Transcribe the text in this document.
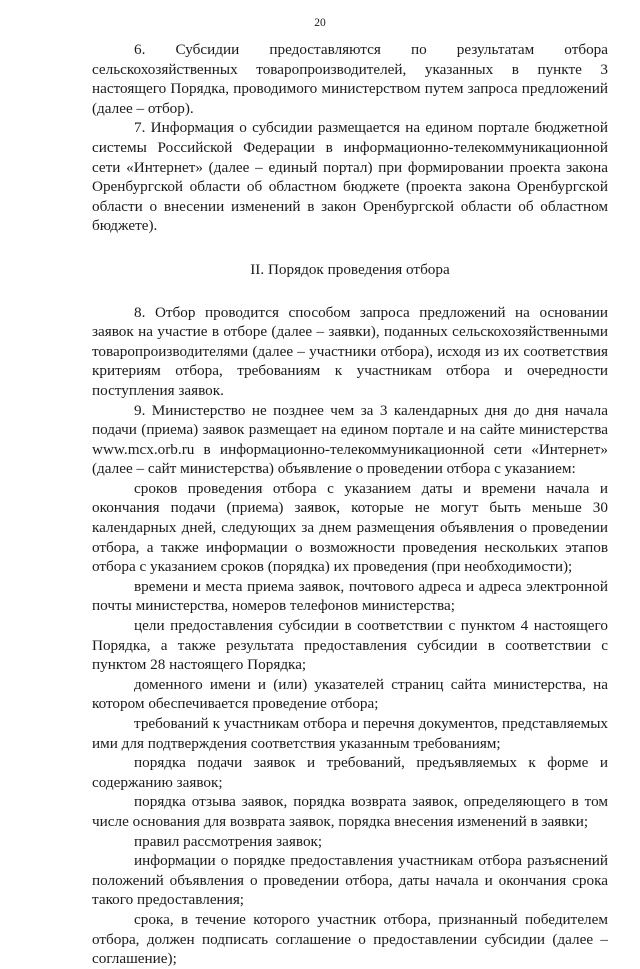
20

6. Субсидии предоставляются по результатам отбора сельскохозяйственных товаропроизводителей, указанных в пункте 3 настоящего Порядка, проводимого министерством путем запроса предложений (далее – отбор).

7. Информация о субсидии размещается на едином портале бюджетной системы Российской Федерации в информационно-телекоммуникационной сети «Интернет» (далее – единый портал) при формировании проекта закона Оренбургской области об областном бюджете (проекта закона Оренбургской области о внесении изменений в закон Оренбургской области об областном бюджете).

II. Порядок проведения отбора

8. Отбор проводится способом запроса предложений на основании заявок на участие в отборе (далее – заявки), поданных сельскохозяйственными товаропроизводителями (далее – участники отбора), исходя из их соответствия критериям отбора, требованиям к участникам отбора и очередности поступления заявок.

9. Министерство не позднее чем за 3 календарных дня до дня начала подачи (приема) заявок размещает на едином портале и на сайте министерства www.mcx.orb.ru в информационно-телекоммуникационной сети «Интернет» (далее – сайт министерства) объявление о проведении отбора с указанием:

сроков проведения отбора с указанием даты и времени начала и окончания подачи (приема) заявок, которые не могут быть меньше 30 календарных дней, следующих за днем размещения объявления о проведении отбора, а также информации о возможности проведения нескольких этапов отбора с указанием сроков (порядка) их проведения (при необходимости);

времени и места приема заявок, почтового адреса и адреса электронной почты министерства, номеров телефонов министерства;

цели предоставления субсидии в соответствии с пунктом 4 настоящего Порядка, а также результата предоставления субсидии в соответствии с пунктом 28 настоящего Порядка;

доменного имени и (или) указателей страниц сайта министерства, на котором обеспечивается проведение отбора;

требований к участникам отбора и перечня документов, представляемых ими для подтверждения соответствия указанным требованиям;

порядка подачи заявок и требований, предъявляемых к форме и содержанию заявок;

порядка отзыва заявок, порядка возврата заявок, определяющего в том числе основания для возврата заявок, порядка внесения изменений в заявки;

правил рассмотрения заявок;

информации о порядке предоставления участникам отбора разъяснений положений объявления о проведении отбора, даты начала и окончания срока такого предоставления;

срока, в течение которого участник отбора, признанный победителем отбора, должен подписать соглашение о предоставлении субсидии (далее – соглашение);
